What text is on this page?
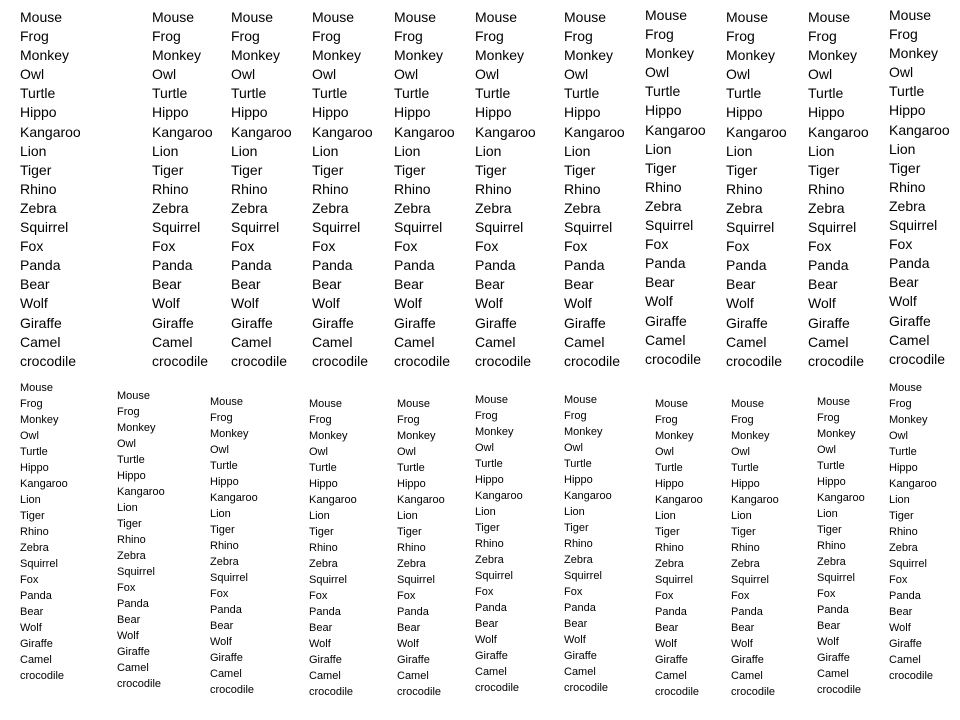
Mouse
Frog
Monkey
Owl
Turtle
Hippo
Kangaroo
Lion
Tiger
Rhino
Zebra
Squirrel
Fox
Panda
Bear
Wolf
Giraffe
Camel
crocodile
Mouse
Frog
Monkey
Owl
Turtle
Hippo
Kangaroo
Lion
Tiger
Rhino
Zebra
Squirrel
Fox
Panda
Bear
Wolf
Giraffe
Camel
crocodile
Mouse
Frog
Monkey
Owl
Turtle
Hippo
Kangaroo
Lion
Tiger
Rhino
Zebra
Squirrel
Fox
Panda
Bear
Wolf
Giraffe
Camel
crocodile
Mouse
Frog
Monkey
Owl
Turtle
Hippo
Kangaroo
Lion
Tiger
Rhino
Zebra
Squirrel
Fox
Panda
Bear
Wolf
Giraffe
Camel
crocodile
Mouse
Frog
Monkey
Owl
Turtle
Hippo
Kangaroo
Lion
Tiger
Rhino
Zebra
Squirrel
Fox
Panda
Bear
Wolf
Giraffe
Camel
crocodile
Mouse
Frog
Monkey
Owl
Turtle
Hippo
Kangaroo
Lion
Tiger
Rhino
Zebra
Squirrel
Fox
Panda
Bear
Wolf
Giraffe
Camel
crocodile
Mouse
Frog
Monkey
Owl
Turtle
Hippo
Kangaroo
Lion
Tiger
Rhino
Zebra
Squirrel
Fox
Panda
Bear
Wolf
Giraffe
Camel
crocodile
Mouse
Frog
Monkey
Owl
Turtle
Hippo
Kangaroo
Lion
Tiger
Rhino
Zebra
Squirrel
Fox
Panda
Bear
Wolf
Giraffe
Camel
crocodile
Mouse
Frog
Monkey
Owl
Turtle
Hippo
Kangaroo
Lion
Tiger
Rhino
Zebra
Squirrel
Fox
Panda
Bear
Wolf
Giraffe
Camel
crocodile
Mouse
Frog
Monkey
Owl
Turtle
Hippo
Kangaroo
Lion
Tiger
Rhino
Zebra
Squirrel
Fox
Panda
Bear
Wolf
Giraffe
Camel
crocodile
Mouse
Frog
Monkey
Owl
Turtle
Hippo
Kangaroo
Lion
Tiger
Rhino
Zebra
Squirrel
Fox
Panda
Bear
Wolf
Giraffe
Camel
crocodile
Mouse
Frog
Monkey
Owl
Turtle
Hippo
Kangaroo
Lion
Tiger
Rhino
Zebra
Squirrel
Fox
Panda
Bear
Wolf
Giraffe
Camel
crocodile
Mouse
Frog
Monkey
Owl
Turtle
Hippo
Kangaroo
Lion
Tiger
Rhino
Zebra
Squirrel
Fox
Panda
Bear
Wolf
Giraffe
Camel
crocodile
Mouse
Frog
Monkey
Owl
Turtle
Hippo
Kangaroo
Lion
Tiger
Rhino
Zebra
Squirrel
Fox
Panda
Bear
Wolf
Giraffe
Camel
crocodile
Mouse
Frog
Monkey
Owl
Turtle
Hippo
Kangaroo
Lion
Tiger
Rhino
Zebra
Squirrel
Fox
Panda
Bear
Wolf
Giraffe
Camel
crocodile
Mouse
Frog
Monkey
Owl
Turtle
Hippo
Kangaroo
Lion
Tiger
Rhino
Zebra
Squirrel
Fox
Panda
Bear
Wolf
Giraffe
Camel
crocodile
Mouse
Frog
Monkey
Owl
Turtle
Hippo
Kangaroo
Lion
Tiger
Rhino
Zebra
Squirrel
Fox
Panda
Bear
Wolf
Giraffe
Camel
crocodile
Mouse
Frog
Monkey
Owl
Turtle
Hippo
Kangaroo
Lion
Tiger
Rhino
Zebra
Squirrel
Fox
Panda
Bear
Wolf
Giraffe
Camel
crocodile
Mouse
Frog
Monkey
Owl
Turtle
Hippo
Kangaroo
Lion
Tiger
Rhino
Zebra
Squirrel
Fox
Panda
Bear
Wolf
Giraffe
Camel
crocodile
Mouse
Frog
Monkey
Owl
Turtle
Hippo
Kangaroo
Lion
Tiger
Rhino
Zebra
Squirrel
Fox
Panda
Bear
Wolf
Giraffe
Camel
crocodile
Mouse
Frog
Monkey
Owl
Turtle
Hippo
Kangaroo
Lion
Tiger
Rhino
Zebra
Squirrel
Fox
Panda
Bear
Wolf
Giraffe
Camel
crocodile
Mouse
Frog
Monkey
Owl
Turtle
Hippo
Kangaroo
Lion
Tiger
Rhino
Zebra
Squirrel
Fox
Panda
Bear
Wolf
Giraffe
Camel
crocodile
